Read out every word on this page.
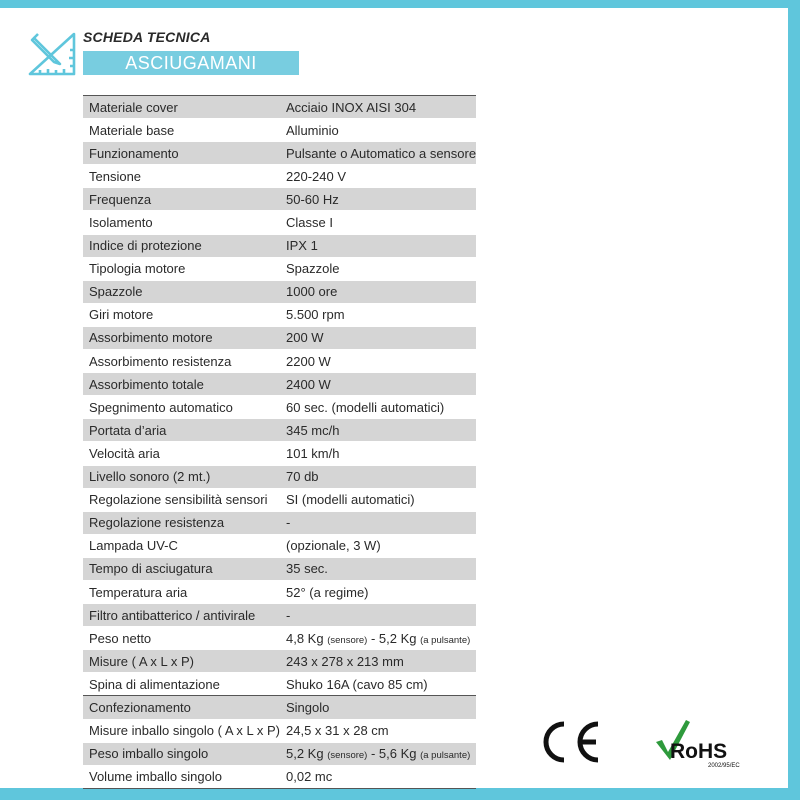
SCHEDA TECNICA
ASCIUGAMANI
Materiale cover	Acciaio INOX AISI 304
Materiale base	Alluminio
Funzionamento	Pulsante o Automatico a sensore
Tensione	220-240 V
Frequenza	50-60 Hz
Isolamento	Classe I
Indice di protezione	IPX 1
Tipologia motore	Spazzole
Spazzole	1000 ore
Giri motore	5.500 rpm
Assorbimento motore	200 W
Assorbimento resistenza	2200 W
Assorbimento totale	2400 W
Spegnimento automatico	60 sec. (modelli automatici)
Portata d’aria	345 mc/h
Velocità aria	101 km/h
Livello sonoro (2 mt.)	70 db
Regolazione sensibilità sensori	SI (modelli automatici)
Regolazione resistenza	-
Lampada UV-C	(opzionale, 3 W)
Tempo di asciugatura	35 sec.
Temperatura aria	52° (a regime)
Filtro antibatterico / antivirale	-
Peso netto	4,8 Kg (sensore) - 5,2 Kg (a pulsante)
Misure ( A x L x P)	243 x 278 x 213 mm
Spina di alimentazione	Shuko 16A (cavo 85 cm)
Confezionamento	Singolo
Misure inballo singolo ( A x L x P)	24,5 x 31 x 28 cm
Peso imballo singolo	5,2 Kg (sensore) - 5,6 Kg (a pulsante)
Volume imballo singolo	0,02 mc
RoHS
2002/95/EC
